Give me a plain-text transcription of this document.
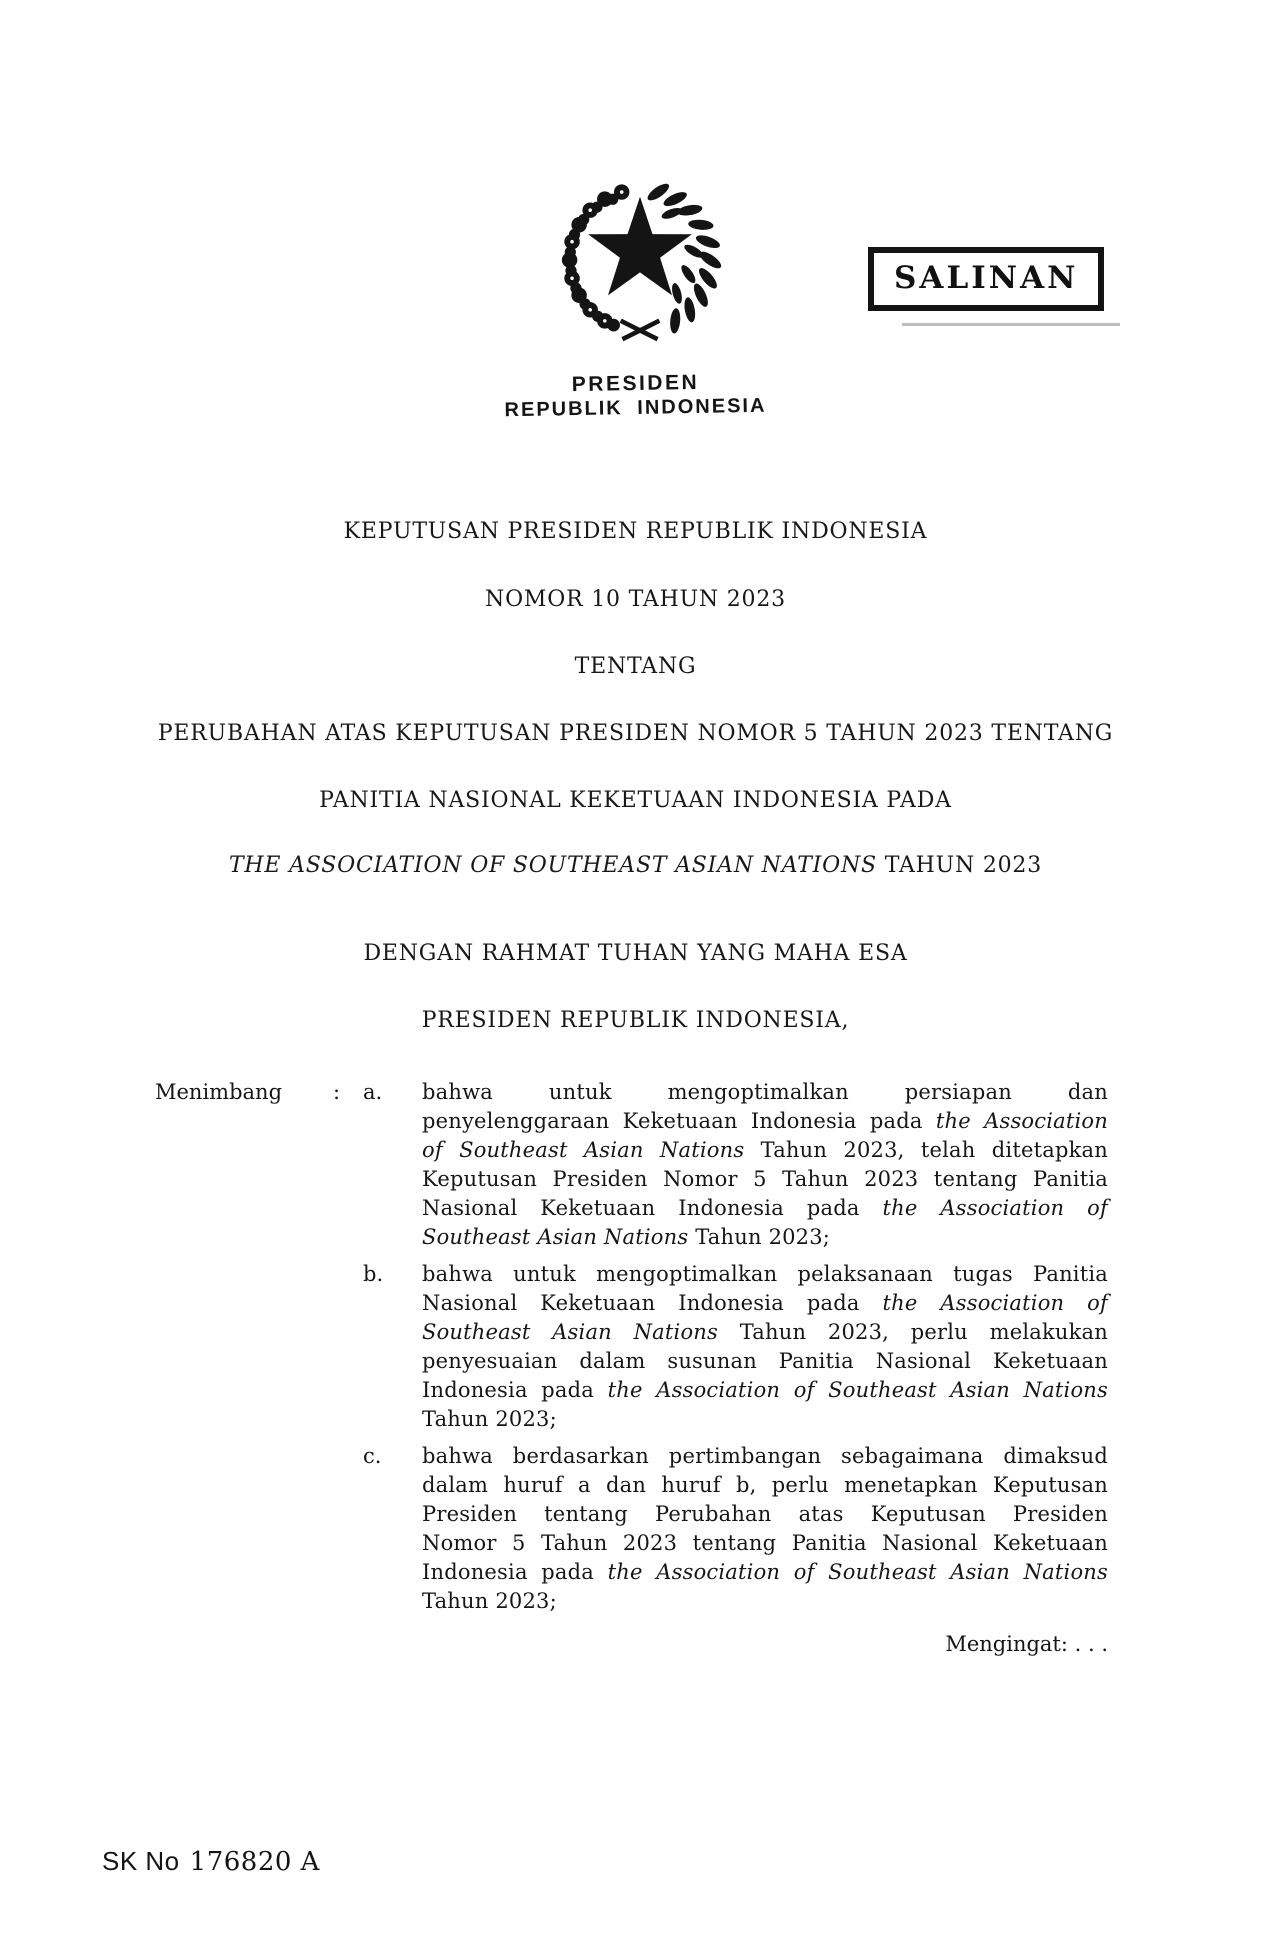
SALINAN
PRESIDEN
REPUBLIK INDONESIA
KEPUTUSAN PRESIDEN REPUBLIK INDONESIA
NOMOR 10 TAHUN 2023
TENTANG
PERUBAHAN ATAS KEPUTUSAN PRESIDEN NOMOR 5 TAHUN 2023 TENTANG
PANITIA NASIONAL KEKETUAAN INDONESIA PADA
THE ASSOCIATION OF SOUTHEAST ASIAN NATIONS TAHUN 2023
DENGAN RAHMAT TUHAN YANG MAHA ESA
PRESIDEN REPUBLIK INDONESIA,
Menimbang	:	a.	bahwa untuk mengoptimalkan persiapan dan
penyelenggaraan Keketuaan Indonesia pada the Association
of Southeast Asian Nations Tahun 2023, telah ditetapkan
Keputusan Presiden Nomor 5 Tahun 2023 tentang Panitia
Nasional Keketuaan Indonesia pada the Association of
Southeast Asian Nations Tahun 2023;
b.	bahwa untuk mengoptimalkan pelaksanaan tugas Panitia
Nasional Keketuaan Indonesia pada the Association of
Southeast Asian Nations Tahun 2023, perlu melakukan
penyesuaian dalam susunan Panitia Nasional Keketuaan
Indonesia pada the Association of Southeast Asian Nations
Tahun 2023;
c.	bahwa berdasarkan pertimbangan sebagaimana dimaksud
dalam huruf a dan huruf b, perlu menetapkan Keputusan
Presiden tentang Perubahan atas Keputusan Presiden
Nomor 5 Tahun 2023 tentang Panitia Nasional Keketuaan
Indonesia pada the Association of Southeast Asian Nations
Tahun 2023;
Mengingat: . . .
SK No 176820 A
